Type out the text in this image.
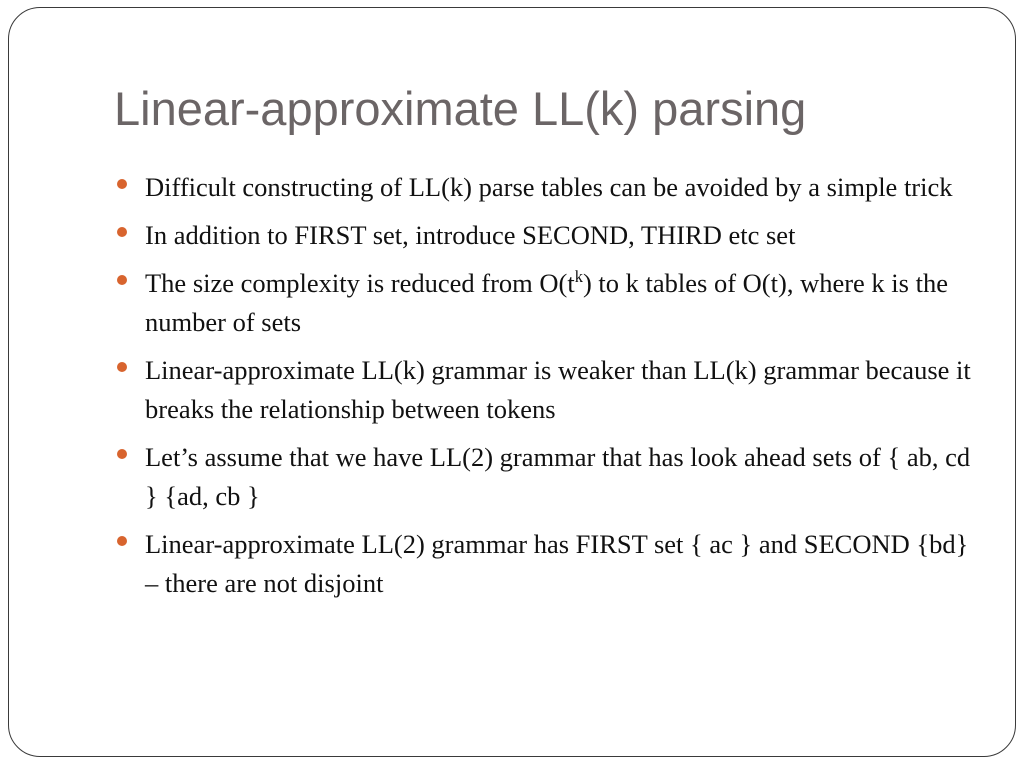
Linear-approximate LL(k) parsing
Difficult constructing of LL(k) parse tables can be avoided by a simple trick
In addition to FIRST set, introduce SECOND, THIRD etc set
The size complexity is reduced from $O(t^k)$ to k tables of O(t), where k is the number of sets
Linear-approximate LL(k) grammar is weaker than LL(k) grammar because it breaks the relationship between tokens
Let’s assume that we have LL(2) grammar that has look ahead sets of { ab, cd } {ad, cb }
Linear-approximate LL(2) grammar has FIRST set { ac } and SECOND {bd} – there are not disjoint
